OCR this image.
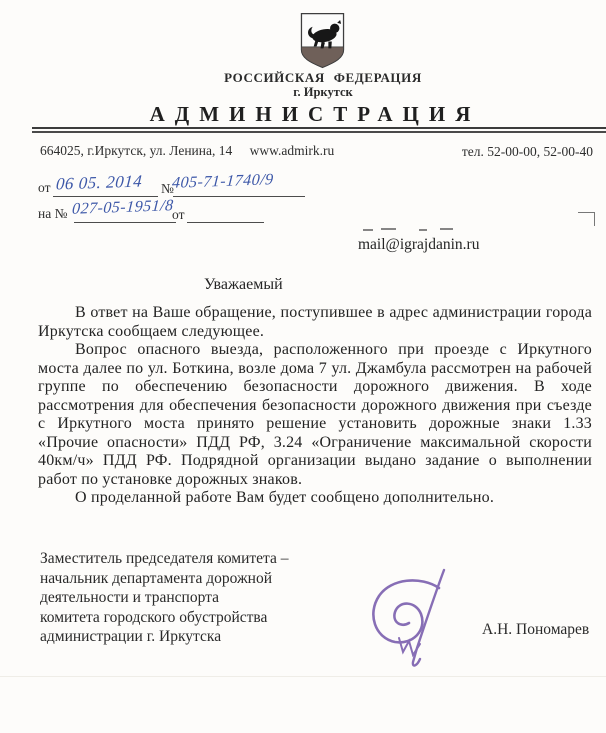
РОССИЙСКАЯ ФЕДЕРАЦИЯ
г. Иркутск
АДМИНИСТРАЦИЯ
664025, г.Иркутск, ул. Ленина, 14 www.admirk.ru	тел. 52-00-00, 52-00-40
от 06 05. 2014 №
405-71-1740/9
на № 027-05-1951/8
от
mail@igrajdanin.ru
Уважаемый

В ответ на Ваше обращение, поступившее в адрес администрации города Иркутска сообщаем следующее.

Вопрос опасного выезда, расположенного при проезде с Иркутного моста далее по ул. Боткина, возле дома 7 ул. Джамбула рассмотрен на рабочей группе по обеспечению безопасности дорожного движения. В ходе рассмотрения для обеспечения безопасности дорожного движения при съезде с Иркутного моста принято решение установить дорожные знаки 1.33 «Прочие опасности» ПДД РФ, 3.24 «Ограничение максимальной скорости 40км/ч» ПДД РФ. Подрядной организации выдано задание о выполнении работ по установке дорожных знаков.

О проделанной работе Вам будет сообщено дополнительно.

Заместитель председателя комитета –
начальник департамента дорожной
деятельности и транспорта
комитета городского обустройства
администрации г. Иркутска	А.Н. Пономарев
